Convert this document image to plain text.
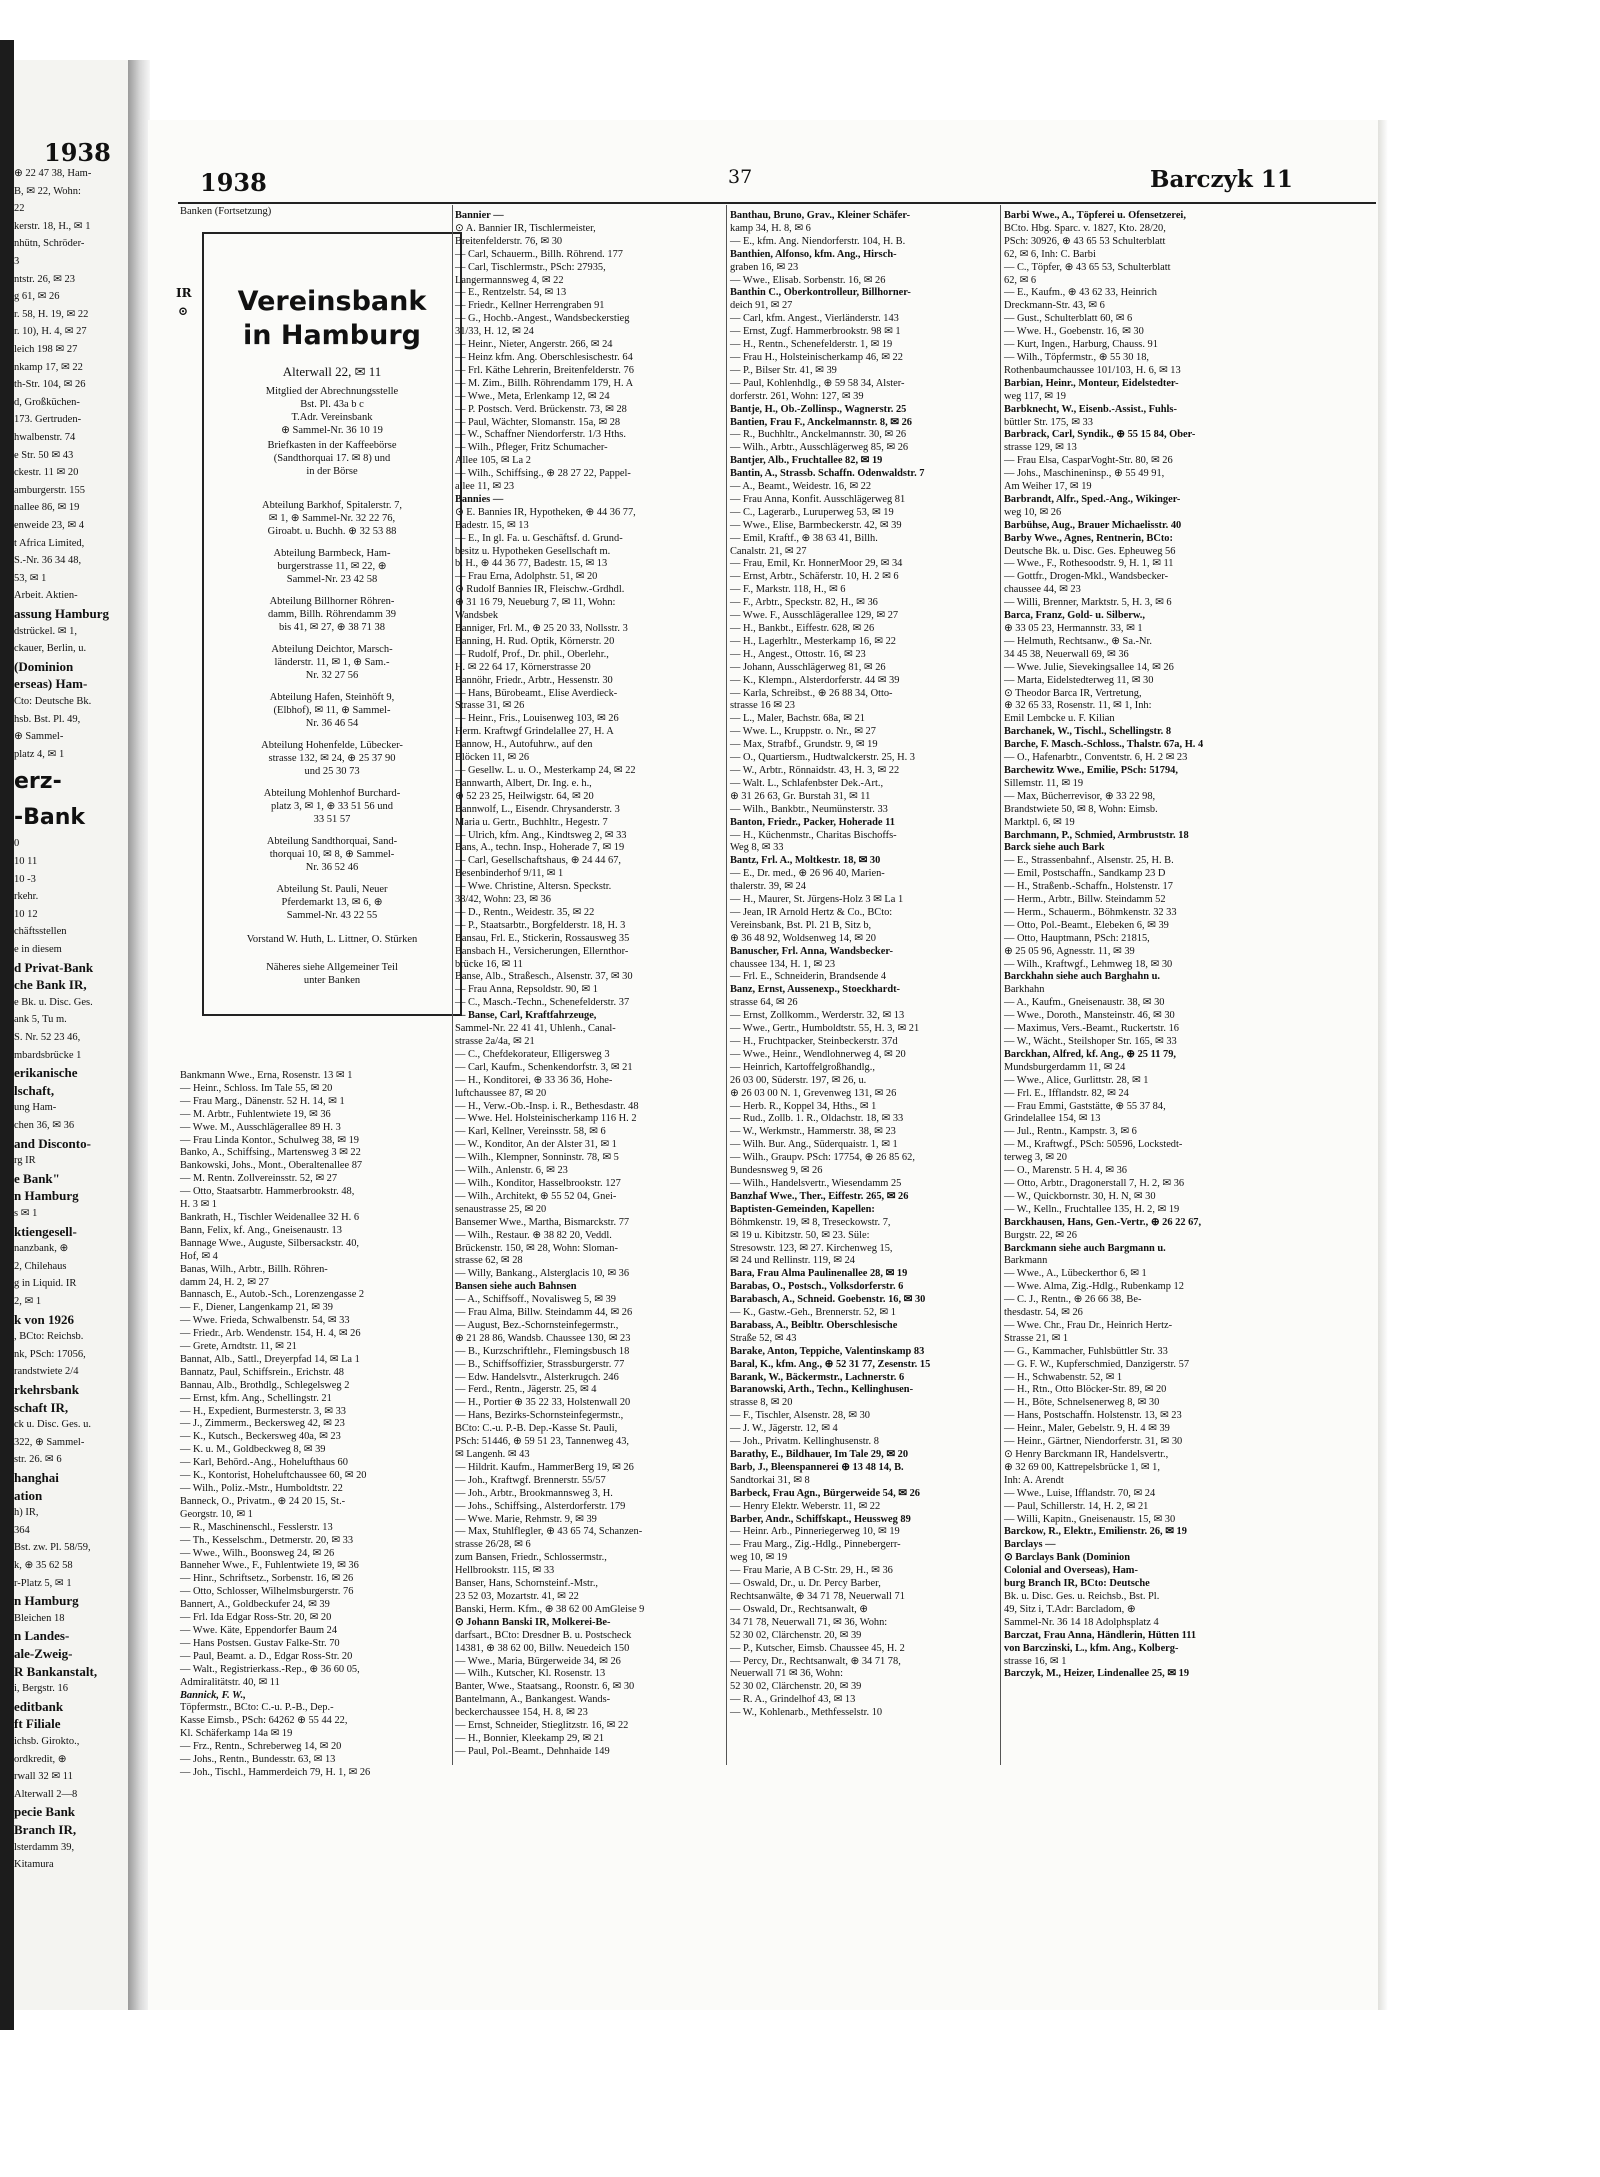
1938
⊕ 22 47 38, Ham-
B, ✉ 22, Wohn:
22
kerstr. 18, H., ✉ 1
nhütn, Schröder-
3
ntstr. 26, ✉ 23
g 61, ✉ 26
r. 58, H. 19, ✉ 22
r. 10), H. 4, ✉ 27
leich 198 ✉ 27
nkamp 17, ✉ 22
th-Str. 104, ✉ 26
d, Großküchen-
173. Gertruden-
hwalbenstr. 74
e Str. 50 ✉ 43
ckestr. 11 ✉ 20
amburgerstr. 155
nallee 86, ✉ 19
enweide 23, ✉ 4
t Africa Limited,
S.-Nr. 36 34 48,
53, ✉ 1
Arbeit. Aktien-
assung Hamburg
dstrückel. ✉ 1,
ckauer, Berlin, u.
(Dominion
erseas) Ham-
Cto: Deutsche Bk.
hsb. Bst. Pl. 49,
⊕ Sammel-
platz 4, ✉ 1
erz-
-Bank
0
10 11
10 -3
rkehr.
10 12
chäftsstellen
e in diesem
d Privat-Bank
che Bank IR,
e Bk. u. Disc. Ges.
ank 5, Tu m.
S. Nr. 52 23 46,
mbardsbrücke 1
erikanische
lschaft,
ung Ham-
chen 36, ✉ 36
and Disconto-
rg IR
e Bank"
n Hamburg
s ✉ 1
ktiengesell-
nanzbank, ⊕
2, Chilehaus
g in Liquid. IR
2, ✉ 1
k von 1926
, BCto: Reichsb.
nk, PSch: 17056,
randstwiete 2/4
rkehrsbank
schaft IR,
ck u. Disc. Ges. u.
322, ⊕ Sammel-
str. 26. ✉ 6
hanghai
ation
h) IR,
364
Bst. zw. Pl. 58/59,
k, ⊕ 35 62 58
r-Platz 5, ✉ 1
n Hamburg
Bleichen 18
n Landes-
ale-Zweig-
R Bankanstalt,
i, Bergstr. 16
editbank
ft Filiale
ichsb. Girokto.,
ordkredit, ⊕
rwall 32 ✉ 11
Alterwall 2—8
pecie Bank
Branch IR,
lsterdamm 39,
Kitamura
1938	37	Barczyk 11
Banken (Fortsetzung)
IR
⊙	Vereinsbank
in Hamburg
Alterwall 22, ✉ 11
Mitglied der Abrechnungsstelle
Bst. Pl. 43a b c
T.Adr. Vereinsbank
⊕ Sammel-Nr. 36 10 19
Briefkasten in der Kaffeebörse
(Sandthorquai 17. ✉ 8) und
in der Börse
Abteilung Barkhof, Spitalerstr. 7,
✉ 1, ⊕ Sammel-Nr. 32 22 76,
Giroabt. u. Buchh. ⊕ 32 53 88
Abteilung Barmbeck, Ham-
burgerstrasse 11, ✉ 22, ⊕
Sammel-Nr. 23 42 58
Abteilung Billhorner Röhren-
damm, Billh. Röhrendamm 39
bis 41, ✉ 27, ⊕ 38 71 38
Abteilung Deichtor, Marsch-
länderstr. 11, ✉ 1, ⊕ Sam.-
Nr. 32 27 56
Abteilung Hafen, Steinhöft 9,
(Elbhof), ✉ 11, ⊕ Sammel-
Nr. 36 46 54
Abteilung Hohenfelde, Lübecker-
strasse 132, ✉ 24, ⊕ 25 37 90
und 25 30 73
Abteilung Mohlenhof Burchard-
platz 3, ✉ 1, ⊕ 33 51 56 und
33 51 57
Abteilung Sandthorquai, Sand-
thorquai 10, ✉ 8, ⊕ Sammel-
Nr. 36 52 46
Abteilung St. Pauli, Neuer
Pferdemarkt 13, ✉ 6, ⊕
Sammel-Nr. 43 22 55
Vorstand W. Huth, L. Littner, O. Stürken
Näheres siehe Allgemeiner Teil
unter Banken
Bankmann Wwe., Erna, Rosenstr. 13 ✉ 1
— Heinr., Schloss. Im Tale 55, ✉ 20
— Frau Marg., Dänenstr. 52 H. 14, ✉ 1
— M. Arbtr., Fuhlentwiete 19, ✉ 36
— Wwe. M., Ausschlägerallee 89 H. 3
— Frau Linda Kontor., Schulweg 38, ✉ 19
Banko, A., Schiffsing., Martensweg 3 ✉ 22
Bankowski, Johs., Mont., Oberaltenallee 87
— M. Rentn. Zollvereinsstr. 52, ✉ 27
— Otto, Staatsarbtr. Hammerbrookstr. 48,
H. 3 ✉ 1
Bankrath, H., Tischler Weidenallee 32 H. 6
Bann, Felix, kf. Ang., Gneisenaustr. 13
Bannage Wwe., Auguste, Silbersackstr. 40,
Hof, ✉ 4
Banas, Wilh., Arbtr., Billh. Röhren-
damm 24, H. 2, ✉ 27
Bannasch, E., Autob.-Sch., Lorenzengasse 2
— F., Diener, Langenkamp 21, ✉ 39
— Wwe. Frieda, Schwalbenstr. 54, ✉ 33
— Friedr., Arb. Wendenstr. 154, H. 4, ✉ 26
— Grete, Arndtstr. 11, ✉ 21
Bannat, Alb., Sattl., Dreyerpfad 14, ✉ La 1
Bannatz, Paul, Schiffsrein., Erichstr. 48
Bannau, Alb., Brothdlg., Schlegelsweg 2
— Ernst, kfm. Ang., Schellingstr. 21
— H., Expedient, Burmesterstr. 3, ✉ 33
— J., Zimmerm., Beckersweg 42, ✉ 23
— K., Kutsch., Beckersweg 40a, ✉ 23
— K. u. M., Goldbeckweg 8, ✉ 39
— Karl, Behörd.-Ang., Hohelufthaus 60
— K., Kontorist, Hoheluftchaussee 60, ✉ 20
— Wilh., Poliz.-Mstr., Humboldtstr. 22
Banneck, O., Privatm., ⊕ 24 20 15, St.-
Georgstr. 10, ✉ 1
— R., Maschinenschl., Fesslerstr. 13
— Th., Kesselschm., Detmerstr. 20, ✉ 33
— Wwe., Wilh., Boonsweg 24, ✉ 26
Banneher Wwe., F., Fuhlentwiete 19, ✉ 36
— Hinr., Schriftsetz., Sorbenstr. 16, ✉ 26
— Otto, Schlosser, Wilhelmsburgerstr. 76
Bannert, A., Goldbeckufer 24, ✉ 39
— Frl. Ida Edgar Ross-Str. 20, ✉ 20
— Wwe. Käte, Eppendorfer Baum 24
— Hans Postsen. Gustav Falke-Str. 70
— Paul, Beamt. a. D., Edgar Ross-Str. 20
— Walt., Registrierkass.-Rep., ⊕ 36 60 05,
Admiralitätstr. 40, ✉ 11
Bannick, F. W.,
Töpfermstr., BCto: C.-u. P.-B., Dep.-
Kasse Eimsb., PSch: 64262 ⊕ 55 44 22,
Kl. Schäferkamp 14a ✉ 19
— Frz., Rentn., Schreberweg 14, ✉ 20
— Johs., Rentn., Bundesstr. 63, ✉ 13
— Joh., Tischl., Hammerdeich 79, H. 1, ✉ 26
Bannier —
⊙ A. Bannier IR, Tischlermeister,
Breitenfelderstr. 76, ✉ 30
— Carl, Schauerm., Billh. Röhrend. 177
— Carl, Tischlermstr., PSch: 27935,
Langermannsweg 4, ✉ 22
— E., Rentzelstr. 54, ✉ 13
— Friedr., Kellner Herrengraben 91
— G., Hochb.-Angest., Wandsbeckerstieg
31/33, H. 12, ✉ 24
— Heinr., Nieter, Angerstr. 266, ✉ 24
— Heinz kfm. Ang. Oberschlesischestr. 64
— Frl. Käthe Lehrerin, Breitenfelderstr. 76
— M. Zim., Billh. Röhrendamm 179, H. A
— Wwe., Meta, Erlenkamp 12, ✉ 24
— P. Postsch. Verd. Brückenstr. 73, ✉ 28
— Paul, Wächter, Slomanstr. 15a, ✉ 28
— W., Schaffner Niendorferstr. 1/3 Hths.
— Wilh., Pfleger, Fritz Schumacher-
Allee 105, ✉ La 2
— Wilh., Schiffsing., ⊕ 28 27 22, Pappel-
allee 11, ✉ 23
Bannies —
⊙ E. Bannies IR, Hypotheken, ⊕ 44 36 77,
Badestr. 15, ✉ 13
— E., In gl. Fa. u. Geschäftsf. d. Grund-
besitz u. Hypotheken Gesellschaft m.
b. H., ⊕ 44 36 77, Badestr. 15, ✉ 13
— Frau Erna, Adolphstr. 51, ✉ 20
⊙ Rudolf Bannies IR, Fleischw.-Grdhdl.
⊕ 31 16 79, Neueburg 7, ✉ 11, Wohn:
Wandsbek
Banniger, Frl. M., ⊕ 25 20 33, Nollsstr. 3
Banning, H. Rud. Optik, Körnerstr. 20
— Rudolf, Prof., Dr. phil., Oberlehr.,
H. ✉ 22 64 17, Körnerstrasse 20
Bannöhr, Friedr., Arbtr., Hessenstr. 30
— Hans, Bürobeamt., Elise Averdieck-
Strasse 31, ✉ 26
— Heinr., Fris., Louisenweg 103, ✉ 26
Herm. Kraftwgf Grindelallee 27, H. A
Bannow, H., Autofuhrw., auf den
Blöcken 11, ✉ 26
— Gesellw. L. u. O., Mesterkamp 24, ✉ 22
Bannwarth, Albert, Dr. Ing. e. h.,
⊕ 52 23 25, Heilwigstr. 64, ✉ 20
Bannwolf, L., Eisendr. Chrysanderstr. 3
Maria u. Gertr., Buchhltr., Hegestr. 7
— Ulrich, kfm. Ang., Kindtsweg 2, ✉ 33
Bans, A., techn. Insp., Hoherade 7, ✉ 19
— Carl, Gesellschaftshaus, ⊕ 24 44 67,
Besenbinderhof 9/11, ✉ 1
— Wwe. Christine, Altersn. Speckstr.
38/42, Wohn: 23, ✉ 36
— D., Rentn., Weidestr. 35, ✉ 22
— P., Staatsarbtr., Borgfelderstr. 18, H. 3
Bansau, Frl. E., Stickerin, Rossausweg 35
Bansbach H., Versicherungen, Ellernthor-
brücke 16, ✉ 11
Banse, Alb., Straßesch., Alsenstr. 37, ✉ 30
— Frau Anna, Repsoldstr. 90, ✉ 1
— C., Masch.-Techn., Schenefelderstr. 37
— Banse, Carl, Kraftfahrzeuge,
Sammel-Nr. 22 41 41, Uhlenh., Canal-
strasse 2a/4a, ✉ 21
— C., Chefdekorateur, Elligersweg 3
— Carl, Kaufm., Schenkendorfstr. 3, ✉ 21
— H., Konditorei, ⊕ 33 36 36, Hohe-
luftchaussee 87, ✉ 20
— H., Verw.-Ob.-Insp. i. R., Bethesdastr. 48
— Wwe. Hel. Holsteinischerkamp 116 H. 2
— Karl, Kellner, Vereinsstr. 58, ✉ 6
— W., Konditor, An der Alster 31, ✉ 1
— Wilh., Klempner, Sonninstr. 78, ✉ 5
— Wilh., Anlenstr. 6, ✉ 23
— Wilh., Konditor, Hasselbrookstr. 127
— Wilh., Architekt, ⊕ 55 52 04, Gnei-
senaustrasse 25, ✉ 20
Bansemer Wwe., Martha, Bismarckstr. 77
— Wilh., Restaur. ⊕ 38 82 20, Veddl.
Brückenstr. 150, ✉ 28, Wohn: Sloman-
strasse 62, ✉ 28
— Willy, Bankang., Alsterglacis 10, ✉ 36
Bansen siehe auch Bahnsen
— A., Schiffsoff., Novalisweg 5, ✉ 39
— Frau Alma, Billw. Steindamm 44, ✉ 26
— August, Bez.-Schornsteinfegermstr.,
⊕ 21 28 86, Wandsb. Chaussee 130, ✉ 23
— B., Kurzschriftlehr., Flemingsbusch 18
— B., Schiffsoffizier, Strassburgerstr. 77
— Edw. Handelsvtr., Alsterkrugch. 246
— Ferd., Rentn., Jägerstr. 25, ✉ 4
— H., Portier ⊕ 35 22 33, Holstenwall 20
— Hans, Bezirks-Schornsteinfegermstr.,
BCto: C.-u. P.-B. Dep.-Kasse St. Pauli,
PSch: 51446, ⊕ 59 51 23, Tannenweg 43,
✉ Langenh. ✉ 43
— Hildrit. Kaufm., HammerBerg 19, ✉ 26
— Joh., Kraftwgf. Brennerstr. 55/57
— Joh., Arbtr., Brookmannsweg 3, H.
— Johs., Schiffsing., Alsterdorferstr. 179
— Wwe. Marie, Rehmstr. 9, ✉ 39
— Max, Stuhlflegler, ⊕ 43 65 74, Schanzen-
strasse 26/28, ✉ 6
zum Bansen, Friedr., Schlossermstr.,
Hellbrookstr. 115, ✉ 33
Banser, Hans, Schornsteinf.-Mstr.,
23 52 03, Mozartstr. 41, ✉ 22
Banski, Herm. Kfm., ⊕ 38 62 00 AmGleise 9
⊙ Johann Banski IR, Molkerei-Be-
darfsart., BCto: Dresdner B. u. Postscheck
14381, ⊕ 38 62 00, Billw. Neuedeich 150
— Wwe., Maria, Bürgerweide 34, ✉ 26
— Wilh., Kutscher, Kl. Rosenstr. 13
Banter, Wwe., Staatsang., Roonstr. 6, ✉ 30
Bantelmann, A., Bankangest. Wands-
beckerchaussee 154, H. 8, ✉ 23
— Ernst, Schneider, Stieglitzstr. 16, ✉ 22
— H., Bonnier, Kleekamp 29, ✉ 21
— Paul, Pol.-Beamt., Dehnhaide 149
Banthau, Bruno, Grav., Kleiner Schäfer-
kamp 34, H. 8, ✉ 6
— E., kfm. Ang. Niendorferstr. 104, H. B.
Banthien, Alfonso, kfm. Ang., Hirsch-
graben 16, ✉ 23
— Wwe., Elisab. Sorbenstr. 16, ✉ 26
Banthin C., Oberkontrolleur, Billhorner-
deich 91, ✉ 27
— Carl, kfm. Angest., Vierländerstr. 143
— Ernst, Zugf. Hammerbrookstr. 98 ✉ 1
— H., Rentn., Schenefelderstr. 1, ✉ 19
— Frau H., Holsteinischerkamp 46, ✉ 22
— P., Bilser Str. 41, ✉ 39
— Paul, Kohlenhdlg., ⊕ 59 58 34, Alster-
dorferstr. 261, Wohn: 127, ✉ 39
Bantje, H., Ob.-Zollinsp., Wagnerstr. 25
Bantien, Frau F., Anckelmannstr. 8, ✉ 26
— R., Buchhltr., Anckelmannstr. 30, ✉ 26
— Wilh., Arbtr., Ausschlägerweg 85, ✉ 26
Bantjer, Alb., Fruchtallee 82, ✉ 19
Bantin, A., Strassb. Schaffn. Odenwaldstr. 7
— A., Beamt., Weidestr. 16, ✉ 22
— Frau Anna, Konfit. Ausschlägerweg 81
— C., Lagerarb., Luruperweg 53, ✉ 19
— Wwe., Elise, Barmbeckerstr. 42, ✉ 39
— Emil, Kraftf., ⊕ 38 63 41, Billh.
Canalstr. 21, ✉ 27
— Frau, Emil, Kr. HonnerMoor 29, ✉ 34
— Ernst, Arbtr., Schäferstr. 10, H. 2 ✉ 6
— F., Markstr. 118, H., ✉ 6
— F., Arbtr., Speckstr. 82, H., ✉ 36
— Wwe. F., Ausschlägerallee 129, ✉ 27
— H., Bankbt., Eiffestr. 628, ✉ 26
— H., Lagerhltr., Mesterkamp 16, ✉ 22
— H., Angest., Ottostr. 16, ✉ 23
— Johann, Ausschlägerweg 81, ✉ 26
— K., Klempn., Alsterdorferstr. 44 ✉ 39
— Karla, Schreibst., ⊕ 26 88 34, Otto-
strasse 16 ✉ 23
— L., Maler, Bachstr. 68a, ✉ 21
— Wwe. L., Kruppstr. o. Nr., ✉ 27
— Max, Strafbf., Grundstr. 9, ✉ 19
— O., Quartiersm., Hudtwalckerstr. 25, H. 3
— W., Arbtr., Rönnaidstr. 43, H. 3, ✉ 22
— Walt. L., Schlafenbster Dek.-Art.,
⊕ 31 26 63, Gr. Burstah 31, ✉ 11
— Wilh., Bankbtr., Neumünsterstr. 33
Banton, Friedr., Packer, Hoherade 11
— H., Küchenmstr., Charitas Bischoffs-
Weg 8, ✉ 33
Bantz, Frl. A., Moltkestr. 18, ✉ 30
— E., Dr. med., ⊕ 26 96 40, Marien-
thalerstr. 39, ✉ 24
— H., Maurer, St. Jürgens-Holz 3 ✉ La 1
— Jean, IR Arnold Hertz & Co., BCto:
Vereinsbank, Bst. Pl. 21 B, Sitz b,
⊕ 36 48 92, Woldsenweg 14, ✉ 20
Banuscher, Frl. Anna, Wandsbecker-
chaussee 134, H. 1, ✉ 23
— Frl. E., Schneiderin, Brandsende 4
Banz, Ernst, Aussenexp., Stoeckhardt-
strasse 64, ✉ 26
— Ernst, Zollkomm., Werderstr. 32, ✉ 13
— Wwe., Gertr., Humboldtstr. 55, H. 3, ✉ 21
— H., Fruchtpacker, Steinbeckerstr. 37d
— Wwe., Heinr., Wendlohnerweg 4, ✉ 20
— Heinrich, Kartoffelgroßhandlg.,
26 03 00, Süderstr. 197, ✉ 26, u.
⊕ 26 03 00 N. 1, Grevenweg 131, ✉ 26
— Herb. R., Koppel 34, Hths., ✉ 1
— Rud., Zollb. 1. R., Oldachstr. 18, ✉ 33
— W., Werkmstr., Hammerstr. 38, ✉ 23
— Wilh. Bur. Ang., Süderquaistr. 1, ✉ 1
— Wilh., Graupv. PSch: 17754, ⊕ 26 85 62,
Bundesnsweg 9, ✉ 26
— Wilh., Handelsvertr., Wiesendamm 25
Banzhaf Wwe., Ther., Eiffestr. 265, ✉ 26
Baptisten-Gemeinden, Kapellen:
Böhmkenstr. 19, ✉ 8, Treseckowstr. 7,
✉ 19 u. Kibitzstr. 50, ✉ 23. Süle:
Stresowstr. 123, ✉ 27. Kirchenweg 15,
✉ 24 und Rellinstr. 119, ✉ 24
Bara, Frau Alma Paulinenallee 28, ✉ 19
Barabas, O., Postsch., Volksdorferstr. 6
Barabasch, A., Schneid. Goebenstr. 16, ✉ 30
— K., Gastw.-Geh., Brennerstr. 52, ✉ 1
Barabass, A., Beibltr. Oberschlesische
Straße 52, ✉ 43
Barake, Anton, Teppiche, Valentinskamp 83
Baral, K., kfm. Ang., ⊕ 52 31 77, Zesenstr. 15
Barank, W., Bäckermstr., Lachnerstr. 6
Baranowski, Arth., Techn., Kellinghusen-
strasse 8, ✉ 20
— F., Tischler, Alsenstr. 28, ✉ 30
— J. W., Jägerstr. 12, ✉ 4
— Joh., Privatm. Kellinghusenstr. 8
Barathy, E., Bildhauer, Im Tale 29, ✉ 20
Barb, J., Bleenspannerei ⊕ 13 48 14, B.
Sandtorkai 31, ✉ 8
Barbeck, Frau Agn., Bürgerweide 54, ✉ 26
— Henry Elektr. Weberstr. 11, ✉ 22
Barber, Andr., Schiffskapt., Heussweg 89
— Heinr. Arb., Pinneriegerweg 10, ✉ 19
— Frau Marg., Zig.-Hdlg., Pinnebergerr-
weg 10, ✉ 19
— Frau Marie, A B C-Str. 29, H., ✉ 36
— Oswald, Dr., u. Dr. Percy Barber,
Rechtsanwälte, ⊕ 34 71 78, Neuerwall 71
— Oswald, Dr., Rechtsanwalt, ⊕
34 71 78, Neuerwall 71, ✉ 36, Wohn:
52 30 02, Clärchenstr. 20, ✉ 39
— P., Kutscher, Eimsb. Chaussee 45, H. 2
— Percy, Dr., Rechtsanwalt, ⊕ 34 71 78,
Neuerwall 71 ✉ 36, Wohn:
52 30 02, Clärchenstr. 20, ✉ 39
— R. A., Grindelhof 43, ✉ 13
— W., Kohlenarb., Methfesselstr. 10
Barbi Wwe., A., Töpferei u. Ofensetzerei,
BCto. Hbg. Sparc. v. 1827, Kto. 28/20,
PSch: 30926, ⊕ 43 65 53 Schulterblatt
62, ✉ 6, Inh: C. Barbi
— C., Töpfer, ⊕ 43 65 53, Schulterblatt
62, ✉ 6
— E., Kaufm., ⊕ 43 62 33, Heinrich
Dreckmann-Str. 43, ✉ 6
— Gust., Schulterblatt 60, ✉ 6
— Wwe. H., Goebenstr. 16, ✉ 30
— Kurt, Ingen., Harburg, Chauss. 91
— Wilh., Töpfermstr., ⊕ 55 30 18,
Rothenbaumchaussee 101/103, H. 6, ✉ 13
Barbian, Heinr., Monteur, Eidelstedter-
weg 117, ✉ 19
Barbknecht, W., Eisenb.-Assist., Fuhls-
büttler Str. 175, ✉ 33
Barbrack, Carl, Syndik., ⊕ 55 15 84, Ober-
strasse 129, ✉ 13
— Frau Elsa, CasparVoght-Str. 80, ✉ 26
— Johs., Maschineninsp., ⊕ 55 49 91,
Am Weiher 17, ✉ 19
Barbrandt, Alfr., Sped.-Ang., Wikinger-
weg 10, ✉ 26
Barbühse, Aug., Brauer Michaelisstr. 40
Barby Wwe., Agnes, Rentnerin, BCto:
Deutsche Bk. u. Disc. Ges. Epheuweg 56
— Wwe., F., Rothesoodstr. 9, H. 1, ✉ 11
— Gottfr., Drogen-Mkl., Wandsbecker-
chaussee 44, ✉ 23
— Willi, Brenner, Marktstr. 5, H. 3, ✉ 6
Barca, Franz, Gold- u. Silberw.,
⊕ 33 05 23, Hermannstr. 33, ✉ 1
— Helmuth, Rechtsanw., ⊕ Sa.-Nr.
34 45 38, Neuerwall 69, ✉ 36
— Wwe. Julie, Sievekingsallee 14, ✉ 26
— Marta, Eidelstedterweg 11, ✉ 30
⊙ Theodor Barca IR, Vertretung,
⊕ 32 65 33, Rosenstr. 11, ✉ 1, Inh:
Emil Lembcke u. F. Kilian
Barchanek, W., Tischl., Schellingstr. 8
Barche, F. Masch.-Schloss., Thalstr. 67a, H. 4
— O., Hafenarbtr., Conventstr. 6, H. 2 ✉ 23
Barchewitz Wwe., Emilie, PSch: 51794,
Sillemstr. 11, ✉ 19
— Max, Bücherrevisor, ⊕ 33 22 98,
Brandstwiete 50, ✉ 8, Wohn: Eimsb.
Marktpl. 6, ✉ 19
Barchmann, P., Schmied, Armbruststr. 18
Barck siehe auch Bark
— E., Strassenbahnf., Alsenstr. 25, H. B.
— Emil, Postschaffn., Sandkamp 23 D
— H., Straßenb.-Schaffn., Holstenstr. 17
— Herm., Arbtr., Billw. Steindamm 52
— Herm., Schauerm., Böhmkenstr. 32 33
— Otto, Pol.-Beamt., Elebeken 6, ✉ 39
— Otto, Hauptmann, PSch: 21815,
⊕ 25 05 96, Agnesstr. 11, ✉ 39
— Wilh., Kraftwgf., Lehmweg 18, ✉ 30
Barckhahn siehe auch Barghahn u.
Barkhahn
— A., Kaufm., Gneisenaustr. 38, ✉ 30
— Wwe., Doroth., Mansteinstr. 46, ✉ 30
— Maximus, Vers.-Beamt., Ruckertstr. 16
— W., Wächt., Steilshoper Str. 165, ✉ 33
Barckhan, Alfred, kf. Ang., ⊕ 25 11 79,
Mundsburgerdamm 11, ✉ 24
— Wwe., Alice, Gurlittstr. 28, ✉ 1
— Frl. E., Ifflandstr. 82, ✉ 24
— Frau Emmi, Gaststätte, ⊕ 55 37 84,
Grindelallee 154, ✉ 13
— Jul., Rentn., Kampstr. 3, ✉ 6
— M., Kraftwgf., PSch: 50596, Lockstedt-
terweg 3, ✉ 20
— O., Marenstr. 5 H. 4, ✉ 36
— Otto, Arbtr., Dragonerstall 7, H. 2, ✉ 36
— W., Quickbornstr. 30, H. N, ✉ 30
— W., Kelln., Fruchtallee 135, H. 2, ✉ 19
Barckhausen, Hans, Gen.-Vertr., ⊕ 26 22 67,
Burgstr. 22, ✉ 26
Barckmann siehe auch Bargmann u.
Barkmann
— Wwe., A., Lübeckerthor 6, ✉ 1
— Wwe. Alma, Zig.-Hdlg., Rubenkamp 12
— C. J., Rentn., ⊕ 26 66 38, Be-
thesdastr. 54, ✉ 26
— Wwe. Chr., Frau Dr., Heinrich Hertz-
Strasse 21, ✉ 1
— G., Kammacher, Fuhlsbüttler Str. 33
— G. F. W., Kupferschmied, Danzigerstr. 57
— H., Schwabenstr. 52, ✉ 1
— H., Rtn., Otto Blöcker-Str. 89, ✉ 20
— H., Böte, Schnelsenerweg 8, ✉ 30
— Hans, Postschaffn. Holstenstr. 13, ✉ 23
— Heinr., Maler, Gebelstr. 9, H. 4 ✉ 39
— Heinr., Gärtner, Niendorferstr. 31, ✉ 30
⊙ Henry Barckmann IR, Handelsvertr.,
⊕ 32 69 00, Kattrepelsbrücke 1, ✉ 1,
Inh: A. Arendt
— Wwe., Luise, Ifflandstr. 70, ✉ 24
— Paul, Schillerstr. 14, H. 2, ✉ 21
— Willi, Kapitn., Gneisenaustr. 15, ✉ 30
Barckow, R., Elektr., Emilienstr. 26, ✉ 19
Barclays —
⊙ Barclays Bank (Dominion
Colonial and Overseas), Ham-
burg Branch IR, BCto: Deutsche
Bk. u. Disc. Ges. u. Reichsb., Bst. Pl.
49, Sitz i, T.Adr: Barcladom, ⊕
Sammel-Nr. 36 14 18 Adolphsplatz 4
Barczat, Frau Anna, Händlerin, Hütten 111
von Barczinski, L., kfm. Ang., Kolberg-
strasse 16, ✉ 1
Barczyk, M., Heizer, Lindenallee 25, ✉ 19
